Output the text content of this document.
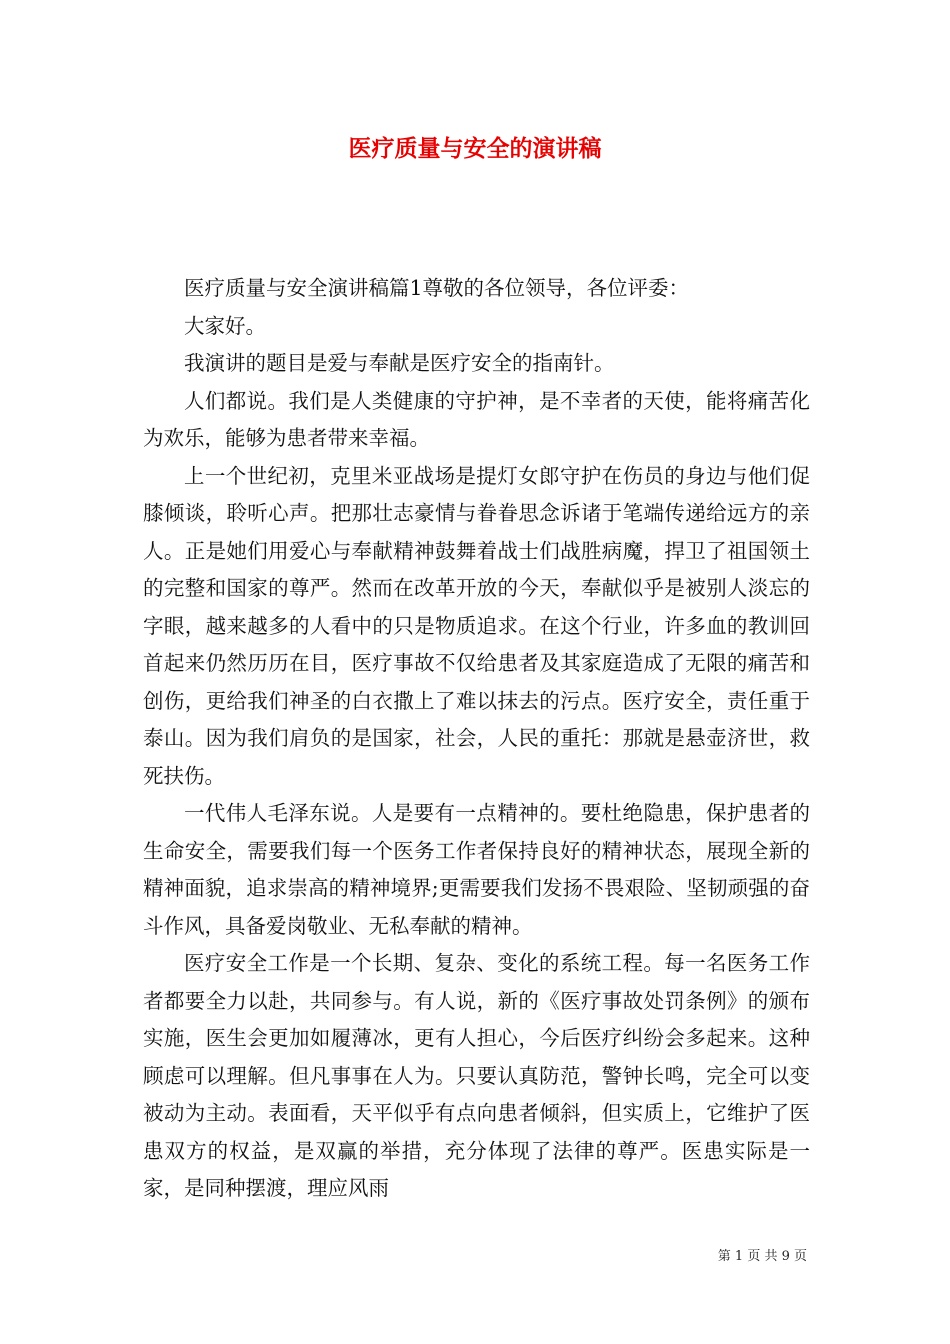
医疗质量与安全的演讲稿

医疗质量与安全演讲稿篇1尊敬的各位领导，各位评委：

大家好。

我演讲的题目是爱与奉献是医疗安全的指南针。

人们都说。我们是人类健康的守护神，是不幸者的天使，能将痛苦化为欢乐，能够为患者带来幸福。

上一个世纪初，克里米亚战场是提灯女郎守护在伤员的身边与他们促膝倾谈，聆听心声。把那壮志豪情与眷眷思念诉诸于笔端传递给远方的亲人。正是她们用爱心与奉献精神鼓舞着战士们战胜病魔，捍卫了祖国领土的完整和国家的尊严。然而在改革开放的今天，奉献似乎是被别人淡忘的字眼，越来越多的人看中的只是物质追求。在这个行业，许多血的教训回首起来仍然历历在目，医疗事故不仅给患者及其家庭造成了无限的痛苦和创伤，更给我们神圣的白衣撒上了难以抹去的污点。医疗安全，责任重于泰山。因为我们肩负的是国家，社会，人民的重托：那就是悬壶济世，救死扶伤。

一代伟人毛泽东说。人是要有一点精神的。要杜绝隐患，保护患者的生命安全，需要我们每一个医务工作者保持良好的精神状态，展现全新的精神面貌，追求崇高的精神境界;更需要我们发扬不畏艰险、坚韧顽强的奋斗作风，具备爱岗敬业、无私奉献的精神。

医疗安全工作是一个长期、复杂、变化的系统工程。每一名医务工作者都要全力以赴，共同参与。有人说，新的《医疗事故处罚条例》的颁布实施，医生会更加如履薄冰，更有人担心，今后医疗纠纷会多起来。这种顾虑可以理解。但凡事事在人为。只要认真防范，警钟长鸣，完全可以变被动为主动。表面看，天平似乎有点向患者倾斜，但实质上，它维护了医患双方的权益，是双赢的举措，充分体现了法律的尊严。医患实际是一家，是同种摆渡，理应风雨

第 1 页 共 9 页
